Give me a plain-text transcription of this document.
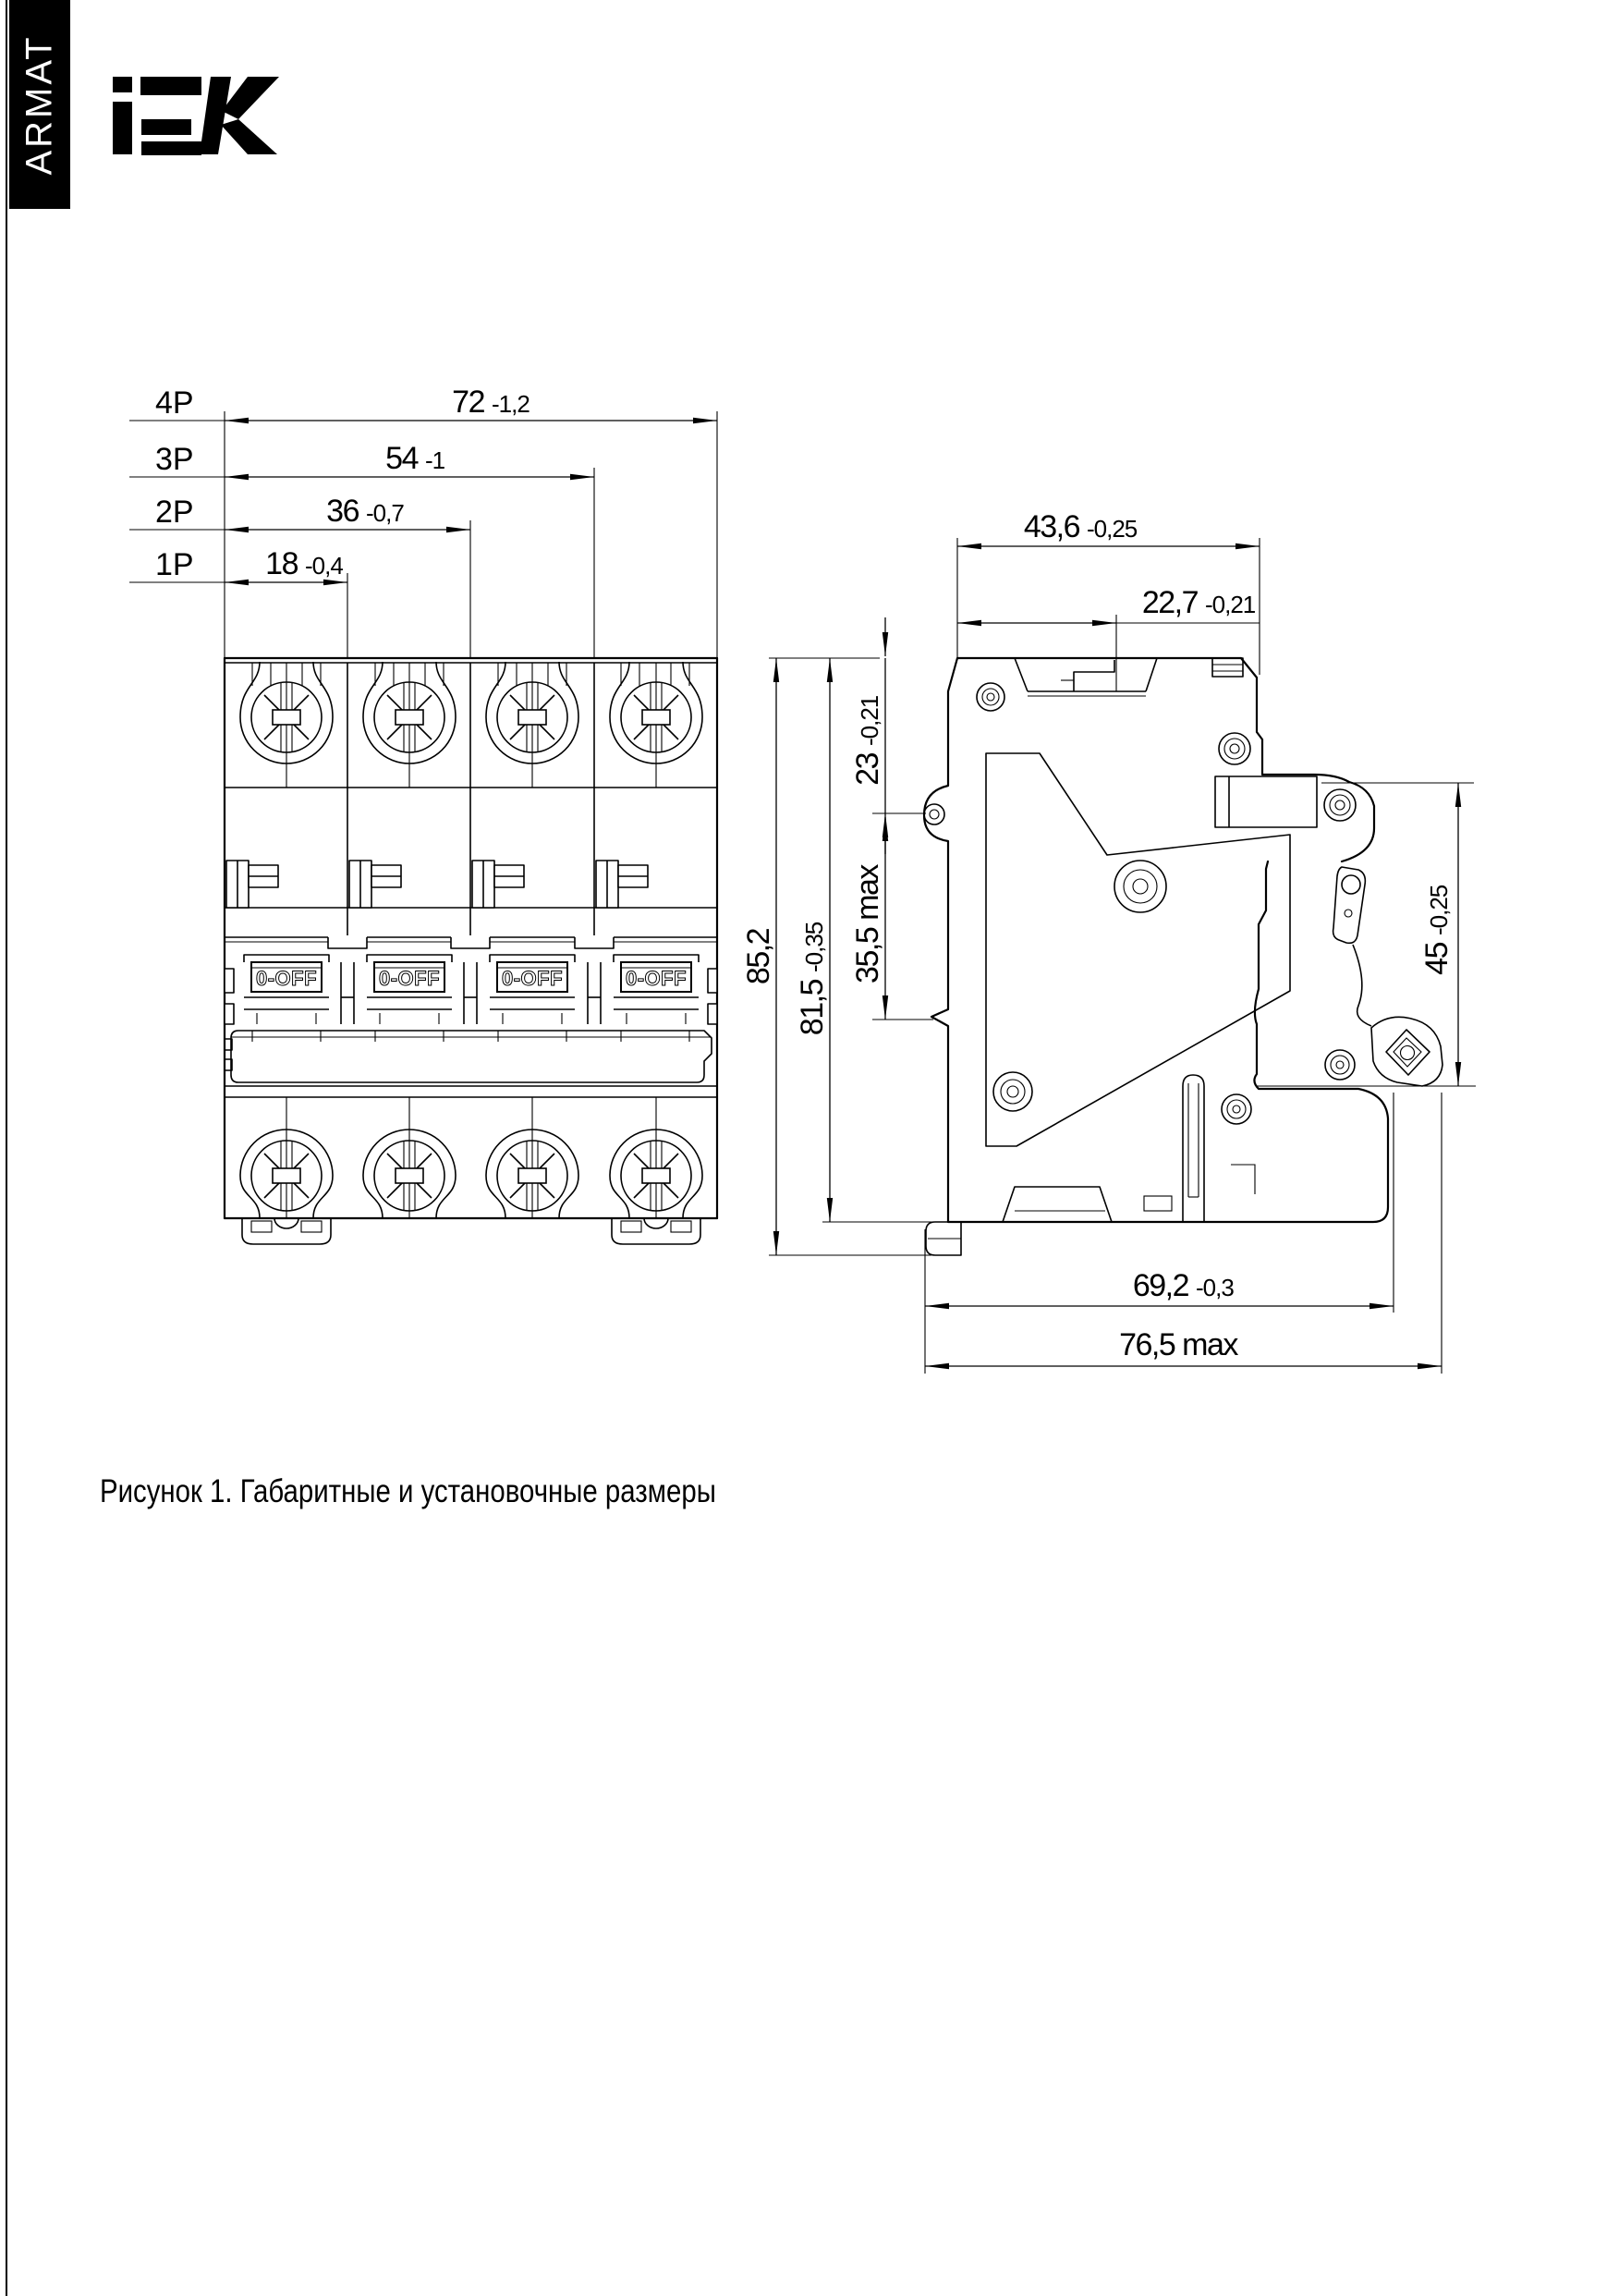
ARMAT
4P	72 -1,2
3P	54 -1
2P	36 -0,7
1P 18 -0,4
0-OFF	0-OFF	0-OFF	0-OFF
43,6 -0,25
22,7 -0,21
23
-0,21
35,5 max
81,5
-0,35
85,2	45
-0,25
69,2 -0,3
76,5 max
Рисунок 1. Габаритные и установочные размеры
